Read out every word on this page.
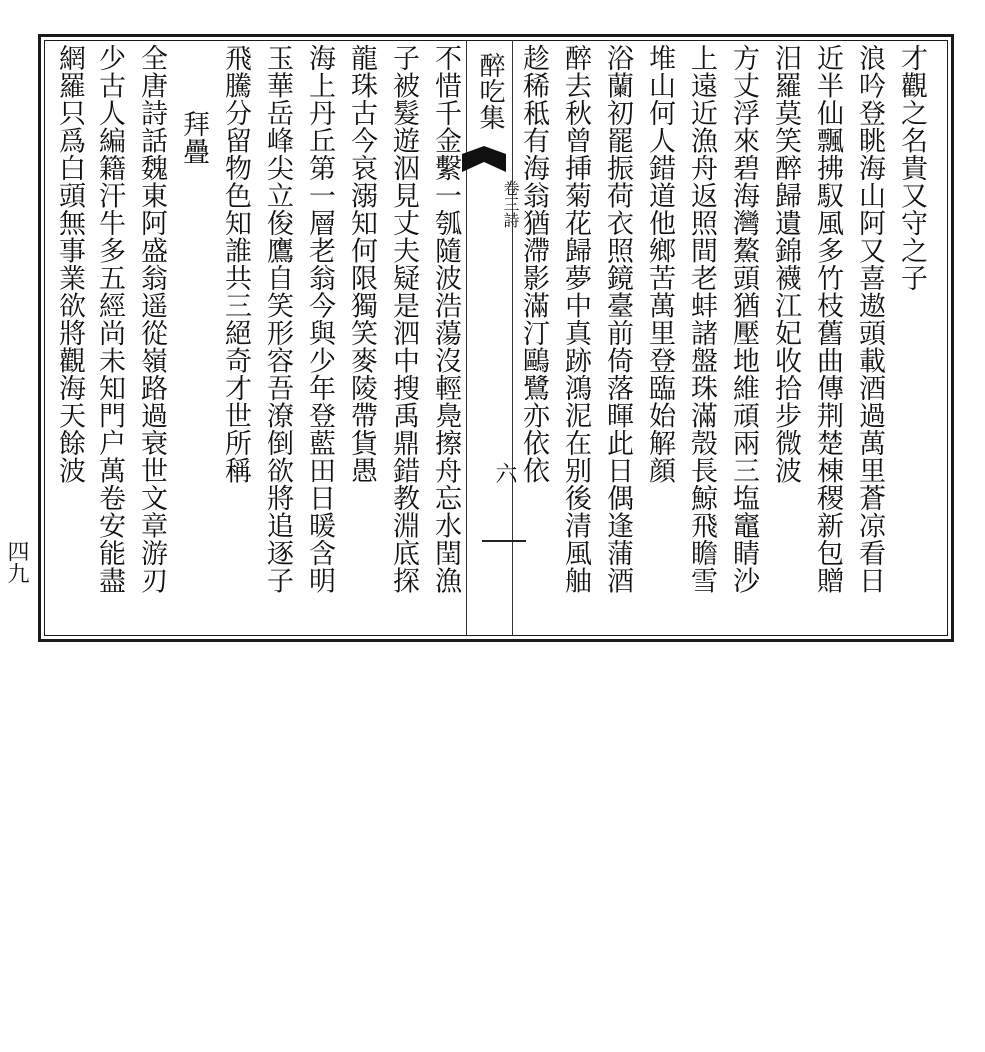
才觀之名貴又守之子
浪吟登眺海山阿又喜遨頭載酒過萬里蒼凉看日
近半仙飄拂馭風多竹枝舊曲傳荆楚棟稷新包贈
汨羅莫笑醉歸遺錦襪江妃收拾步微波
方丈浮來碧海灣鰲頭猶壓地維頑兩三塩竈睛沙
上遠近漁舟返照間老蚌諸盤珠滿殼長鯨飛瞻雪
堆山何人錯道他鄉苦萬里登臨始解顔
浴蘭初罷振荷衣照鏡臺前倚落暉此日偶逢蒲酒
醉去秋曾挿菊花歸夢中真跡鴻泥在别後清風舳
趁稀秪有海翁猶滯影滿汀鷗鷺亦依依
醉吃集
卷三詩
六
不惜千金繫一瓠隨波浩蕩沒輕鳧擦舟忘水閏漁
子被髮遊泅見丈夫疑是泗中搜禹鼎錯教淵底探
龍珠古今哀溺知何限獨笑麥陵帶貨愚
海上丹丘第一層老翁今與少年登藍田日暖含明
玉華岳峰尖立俊鷹自笑形容吾潦倒欲將追逐子
飛騰分留物色知誰共三絕奇才世所稱
拜疊
全唐詩話魏東阿盛翁遥從嶺路過衰世文章游刃
少古人編籍汗牛多五經尚未知門户萬卷安能盡
網羅只爲白頭無事業欲將觀海天餘波
四九
